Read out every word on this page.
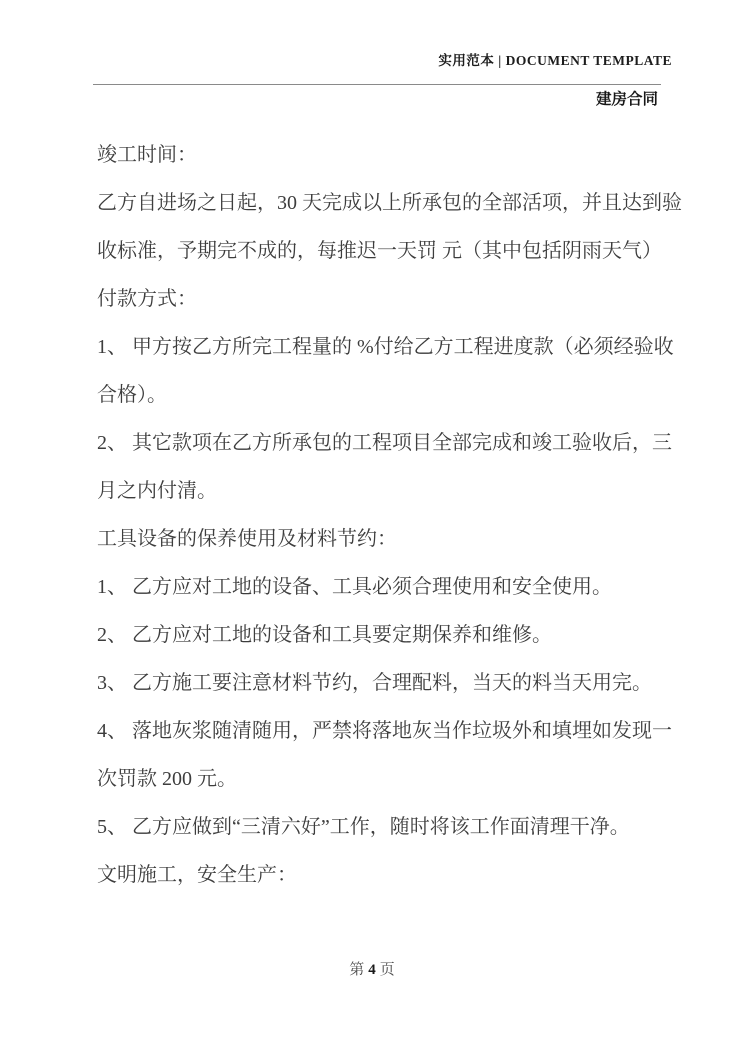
实用范本 | DOCUMENT TEMPLATE
建房合同
竣工时间：
乙方自进场之日起，30 天完成以上所承包的全部活项，并且达到验
收标准，予期完不成的，每推迟一天罚 元（其中包括阴雨天气）
付款方式：
1、 甲方按乙方所完工程量的 %付给乙方工程进度款（必须经验收
合格）。
2、 其它款项在乙方所承包的工程项目全部完成和竣工验收后，三
月之内付清。
工具设备的保养使用及材料节约：
1、 乙方应对工地的设备、工具必须合理使用和安全使用。
2、 乙方应对工地的设备和工具要定期保养和维修。
3、 乙方施工要注意材料节约，合理配料，当天的料当天用完。
4、 落地灰浆随清随用，严禁将落地灰当作垃圾外和填埋如发现一
次罚款 200 元。
5、 乙方应做到“三清六好”工作，随时将该工作面清理干净。
文明施工，安全生产：
第 4 页
